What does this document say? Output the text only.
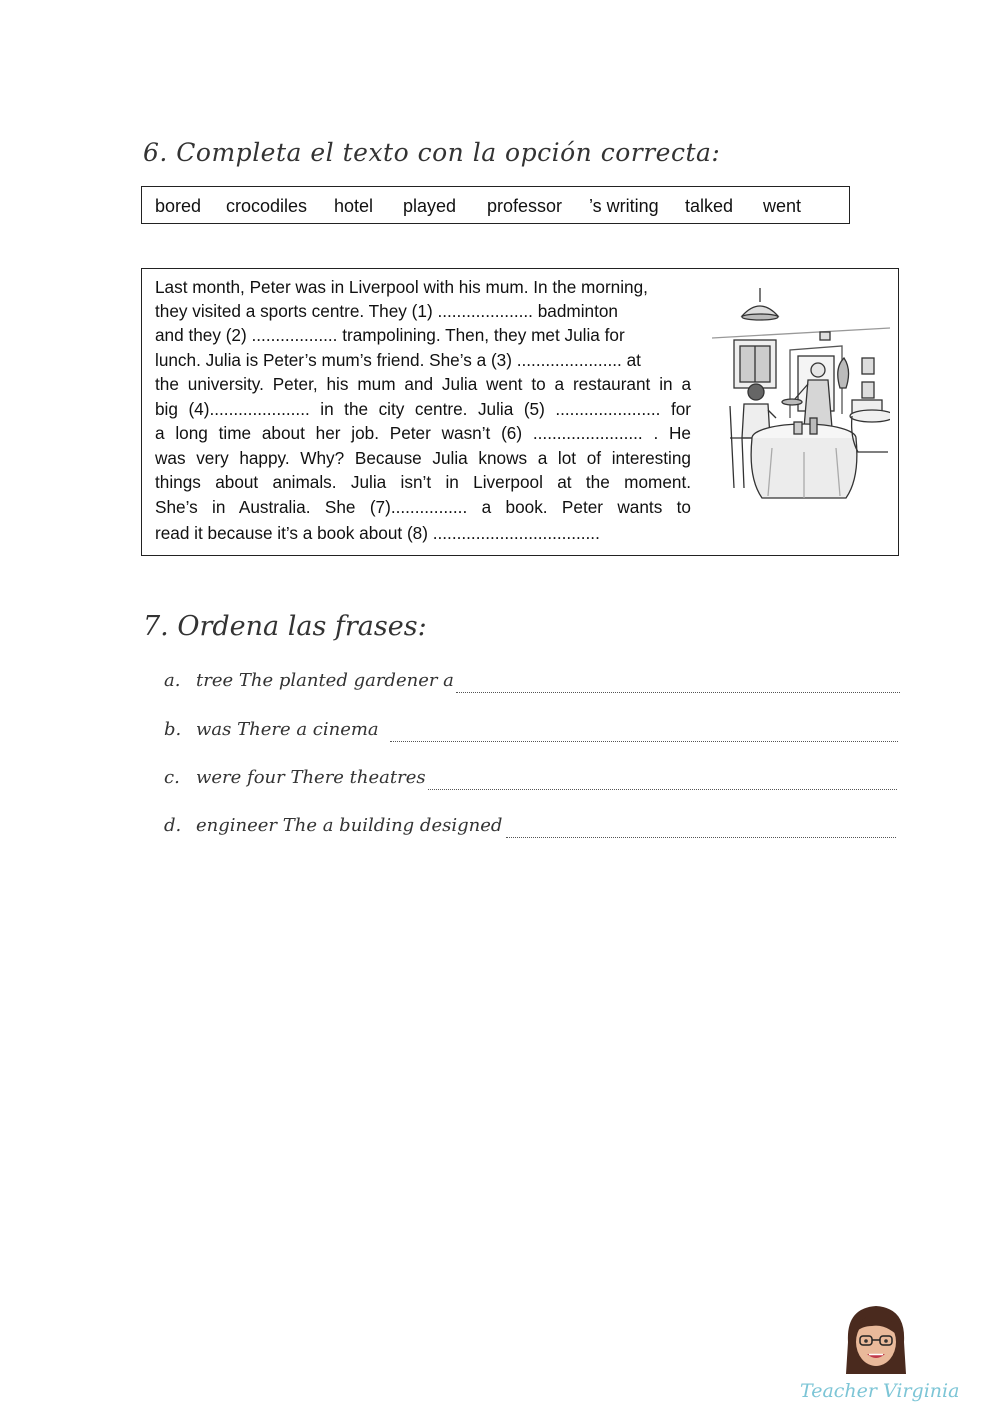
6. Completa el texto con la opción correcta:
bored crocodiles hotel played professor ’s writing talked went
Last month, Peter was in Liverpool with his mum. In the morning,
they visited a sports centre. They (1) .................... badminton
and they (2) .................. trampolining. Then, they met Julia for
lunch. Julia is Peter’s mum’s friend. She’s a (3) ...................... at
the university. Peter, his mum and Julia went to a restaurant in a
big (4)..................... in the city centre. Julia (5) ...................... for
a long time about her job. Peter wasn’t (6) ....................... . He
was very happy. Why? Because Julia knows a lot of interesting
things about animals. Julia isn’t in Liverpool at the moment.
She’s in Australia. She (7)................ a book. Peter wants to
read it because it’s a book about (8) ...................................
7. Ordena las frases:
a. tree The planted gardener a
b. was There a cinema
c. were four There theatres
d. engineer The a building designed
Teacher Virginia
